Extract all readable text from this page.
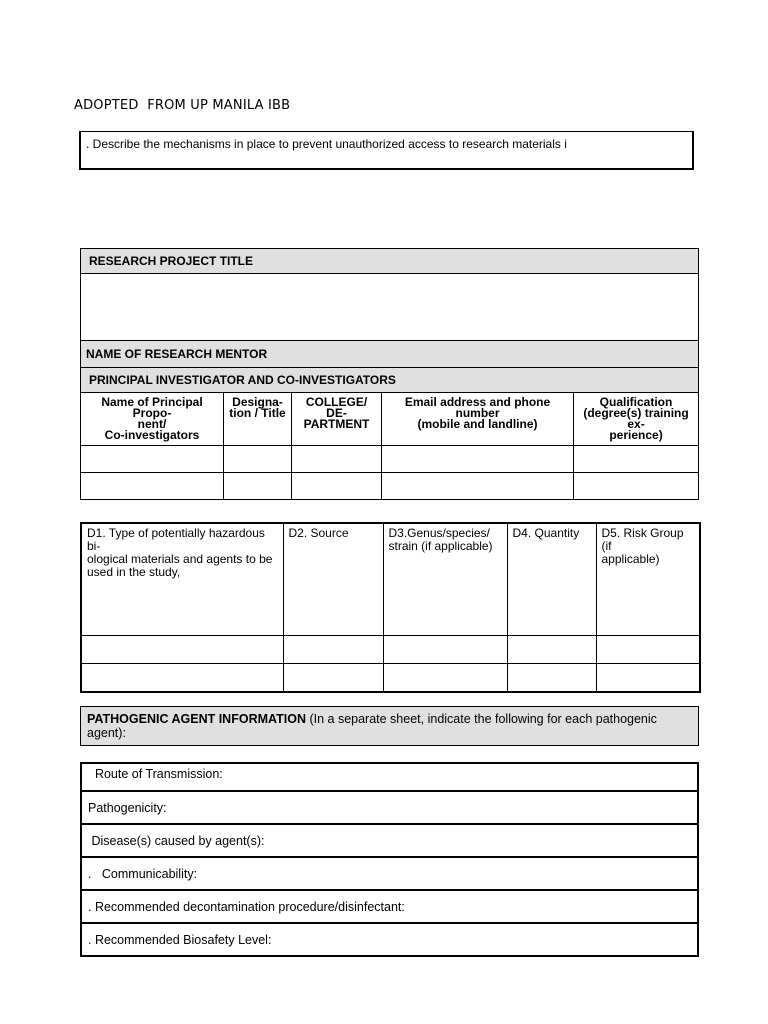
ADOPTED  FROM UP MANILA IBB
. Describe the mechanisms in place to prevent unauthorized access to research materials i
RESEARCH PROJECT TITLE				

NAME OF RESEARCH MENTOR				
PRINCIPAL INVESTIGATOR AND CO-INVESTIGATORS				
Name of Principal Propo-
nent/
Co-investigators	Designa-
tion / Title	COLLEGE/ DE-
PARTMENT	Email address and phone number
(mobile and landline)	Qualification
(degree(s) training ex-
perience)

D1. Type of potentially hazardous bi-
ological materials and agents to be
used in the study,	D2. Source	D3.Genus/species/
strain (if applicable)	D4. Quantity	D5. Risk Group (if
applicable)

PATHOGENIC AGENT INFORMATION (In a separate sheet, indicate the following for each pathogenic agent):
Route of Transmission:
Pathogenicity:
Disease(s) caused by agent(s):
.   Communicability:
. Recommended decontamination procedure/disinfectant:
. Recommended Biosafety Level:
